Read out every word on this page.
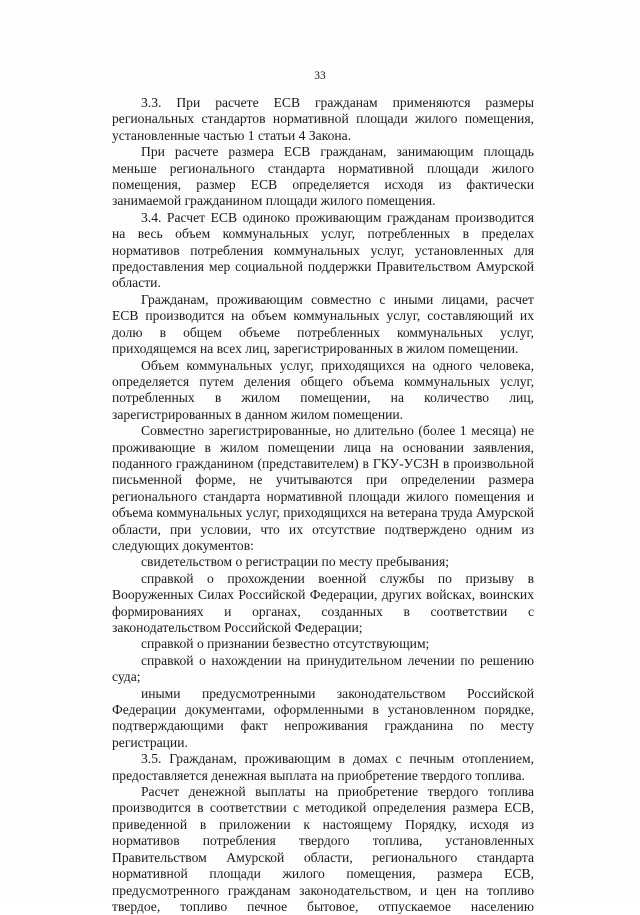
33

3.3. При расчете ЕСВ гражданам применяются размеры региональных стандартов нормативной площади жилого помещения, установленные частью 1 статьи 4 Закона.

При расчете размера ЕСВ гражданам, занимающим площадь меньше регионального стандарта нормативной площади жилого помещения, размер ЕСВ определяется исходя из фактически занимаемой гражданином площади жилого помещения.

3.4. Расчет ЕСВ одиноко проживающим гражданам производится на весь объем коммунальных услуг, потребленных в пределах нормативов потребления коммунальных услуг, установленных для предоставления мер социальной поддержки Правительством Амурской области.

Гражданам, проживающим совместно с иными лицами, расчет ЕСВ производится на объем коммунальных услуг, составляющий их долю в общем объеме потребленных коммунальных услуг, приходящемся на всех лиц, зарегистрированных в жилом помещении.

Объем коммунальных услуг, приходящихся на одного человека, определяется путем деления общего объема коммунальных услуг, потребленных в жилом помещении, на количество лиц, зарегистрированных в данном жилом помещении.

Совместно зарегистрированные, но длительно (более 1 месяца) не проживающие в жилом помещении лица на основании заявления, поданного гражданином (представителем) в ГКУ-УСЗН в произвольной письменной форме, не учитываются при определении размера регионального стандарта нормативной площади жилого помещения и объема коммунальных услуг, приходящихся на ветерана труда Амурской области, при условии, что их отсутствие подтверждено одним из следующих документов:

свидетельством о регистрации по месту пребывания;

справкой о прохождении военной службы по призыву в Вооруженных Силах Российской Федерации, других войсках, воинских формированиях и органах, созданных в соответствии с законодательством Российской Федерации;

справкой о признании безвестно отсутствующим;

справкой о нахождении на принудительном лечении по решению суда;

иными предусмотренными законодательством Российской Федерации документами, оформленными в установленном порядке, подтверждающими факт непроживания гражданина по месту регистрации.

3.5. Гражданам, проживающим в домах с печным отоплением, предоставляется денежная выплата на приобретение твердого топлива.

Расчет денежной выплаты на приобретение твердого топлива производится в соответствии с методикой определения размера ЕСВ, приведенной в приложении к настоящему Порядку, исходя из нормативов потребления твердого топлива, установленных Правительством Амурской области, регионального стандарта нормативной площади жилого помещения, размера ЕСВ, предусмотренного гражданам законодательством, и цен на топливо твердое, топливо печное бытовое, отпускаемое населению
